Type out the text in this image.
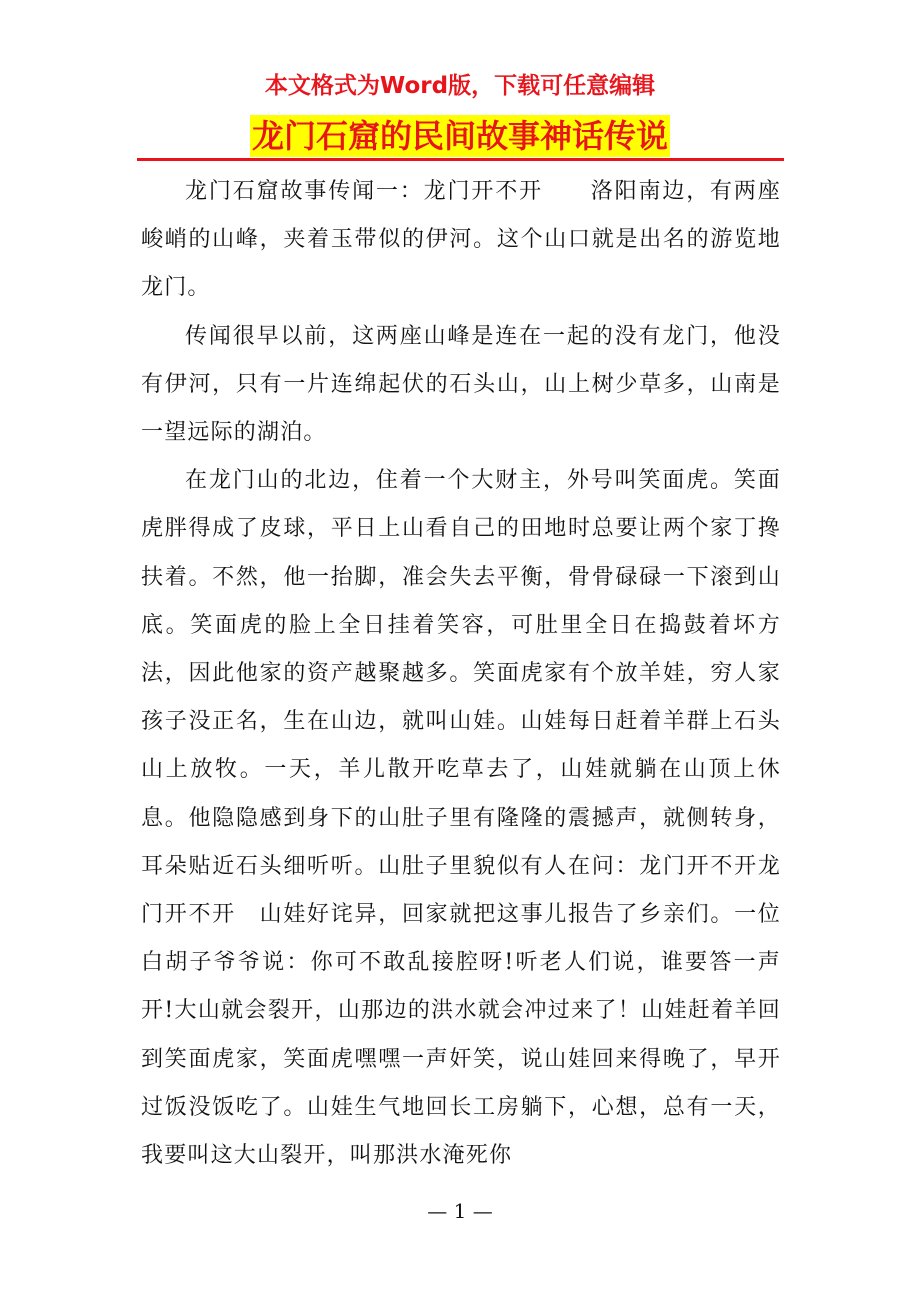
本文格式为Word版，下载可任意编辑
龙门石窟的民间故事神话传说

龙门石窟故事传闻一：龙门开不开　　洛阳南边，有两座峻峭的山峰，夹着玉带似的伊河。这个山口就是出名的游览地龙门。

传闻很早以前，这两座山峰是连在一起的没有龙门，他没有伊河，只有一片连绵起伏的石头山，山上树少草多，山南是一望远际的湖泊。

在龙门山的北边，住着一个大财主，外号叫笑面虎。笑面虎胖得成了皮球，平日上山看自己的田地时总要让两个家丁搀扶着。不然，他一抬脚，准会失去平衡，骨骨碌碌一下滚到山底。笑面虎的脸上全日挂着笑容，可肚里全日在捣鼓着坏方法，因此他家的资产越聚越多。笑面虎家有个放羊娃，穷人家孩子没正名，生在山边，就叫山娃。山娃每日赶着羊群上石头山上放牧。一天，羊儿散开吃草去了，山娃就躺在山顶上休息。他隐隐感到身下的山肚子里有隆隆的震撼声，就侧转身，耳朵贴近石头细听听。山肚子里貌似有人在问：龙门开不开龙门开不开　山娃好诧异，回家就把这事儿报告了乡亲们。一位白胡子爷爷说：你可不敢乱接腔呀!听老人们说，谁要答一声开!大山就会裂开，山那边的洪水就会冲过来了！山娃赶着羊回到笑面虎家，笑面虎嘿嘿一声奸笑，说山娃回来得晚了，早开过饭没饭吃了。山娃生气地回长工房躺下，心想，总有一天，我要叫这大山裂开，叫那洪水淹死你

— 1 —
